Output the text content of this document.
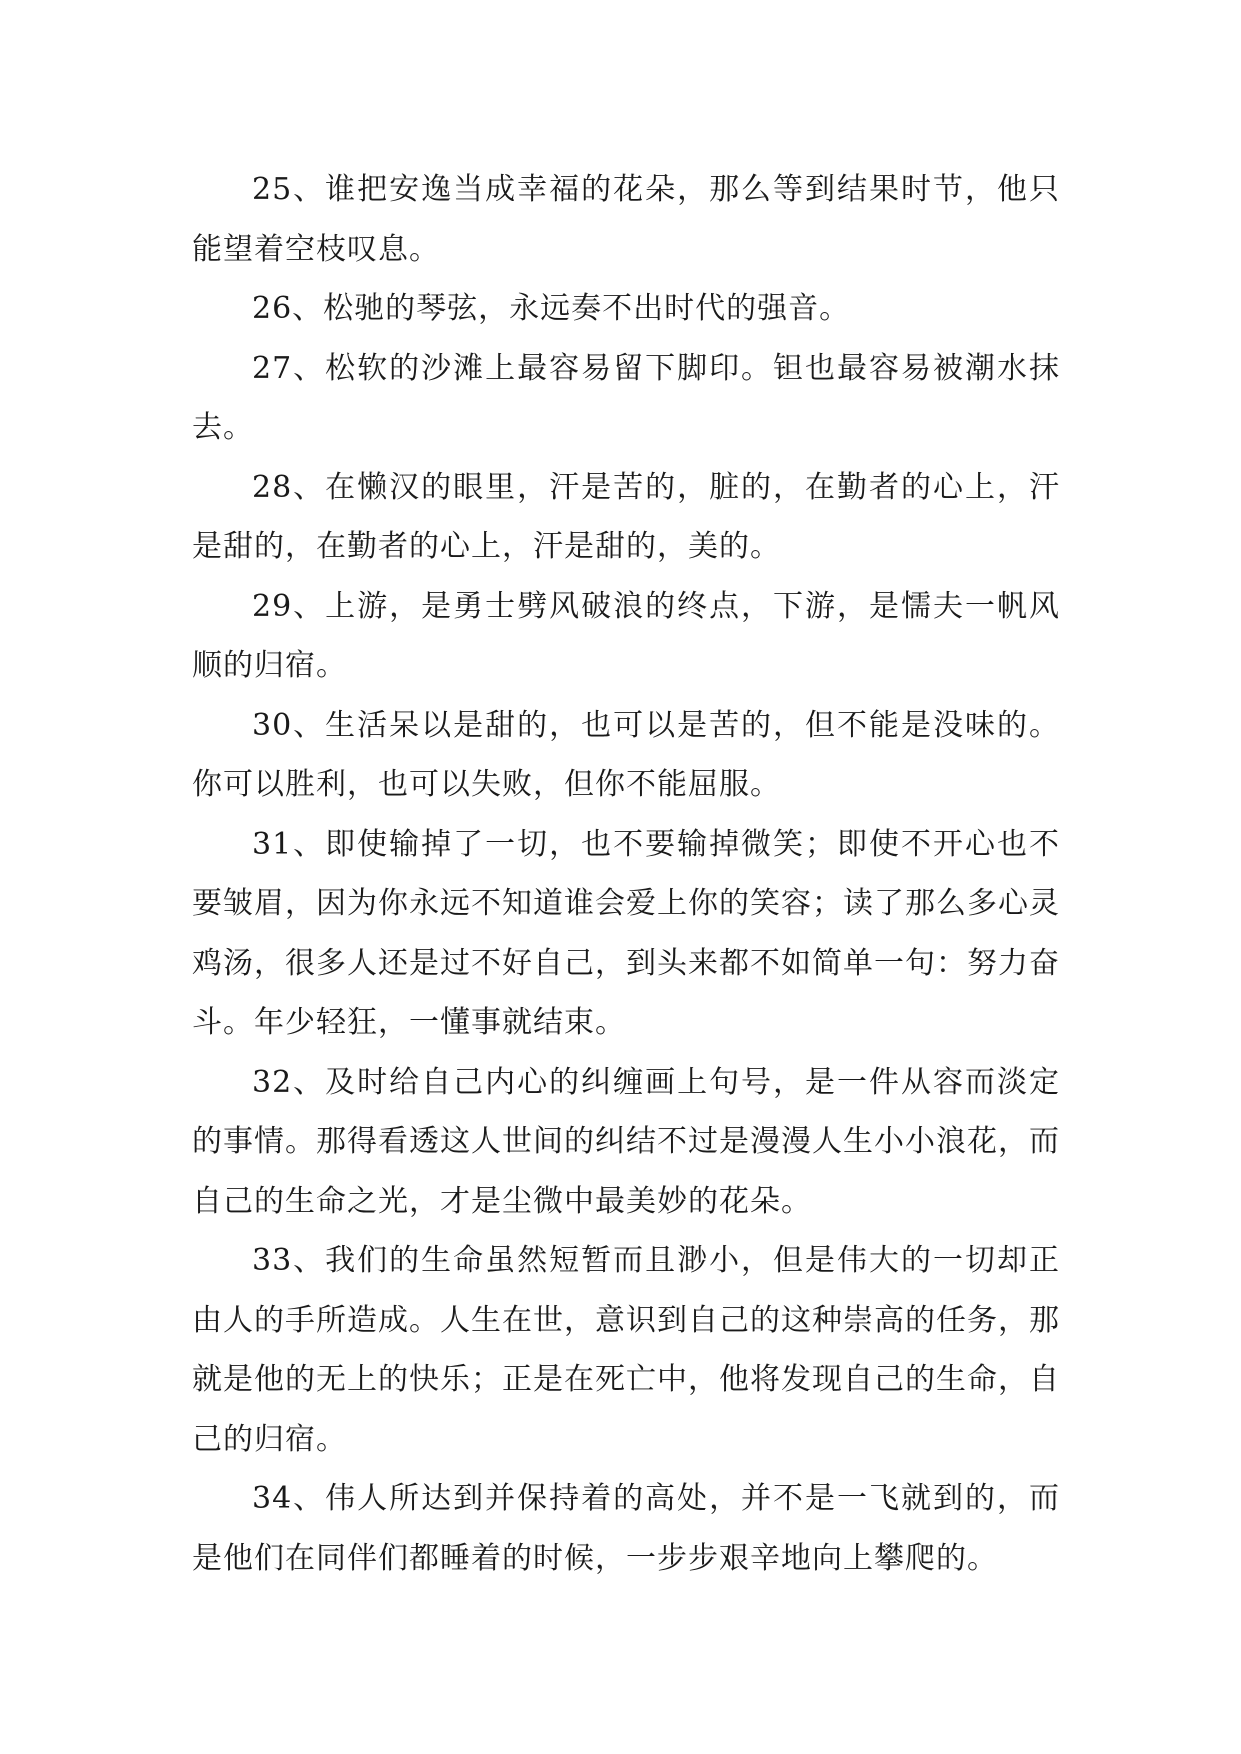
25、谁把安逸当成幸福的花朵，那么等到结果时节，他只能望着空枝叹息。

26、松驰的琴弦，永远奏不出时代的强音。

27、松软的沙滩上最容易留下脚印。钽也最容易被潮水抹去。

28、在懒汉的眼里，汗是苦的，脏的，在勤者的心上，汗是甜的，在勤者的心上，汗是甜的，美的。

29、上游，是勇士劈风破浪的终点，下游，是懦夫一帆风顺的归宿。

30、生活呆以是甜的，也可以是苦的，但不能是没味的。你可以胜利，也可以失败，但你不能屈服。

31、即使输掉了一切，也不要输掉微笑；即使不开心也不要皱眉，因为你永远不知道谁会爱上你的笑容；读了那么多心灵鸡汤，很多人还是过不好自己，到头来都不如简单一句：努力奋斗。年少轻狂，一懂事就结束。

32、及时给自己内心的纠缠画上句号，是一件从容而淡定的事情。那得看透这人世间的纠结不过是漫漫人生小小浪花，而自己的生命之光，才是尘微中最美妙的花朵。

33、我们的生命虽然短暂而且渺小，但是伟大的一切却正由人的手所造成。人生在世，意识到自己的这种崇高的任务，那就是他的无上的快乐；正是在死亡中，他将发现自己的生命，自己的归宿。

34、伟人所达到并保持着的高处，并不是一飞就到的，而是他们在同伴们都睡着的时候，一步步艰辛地向上攀爬的。
